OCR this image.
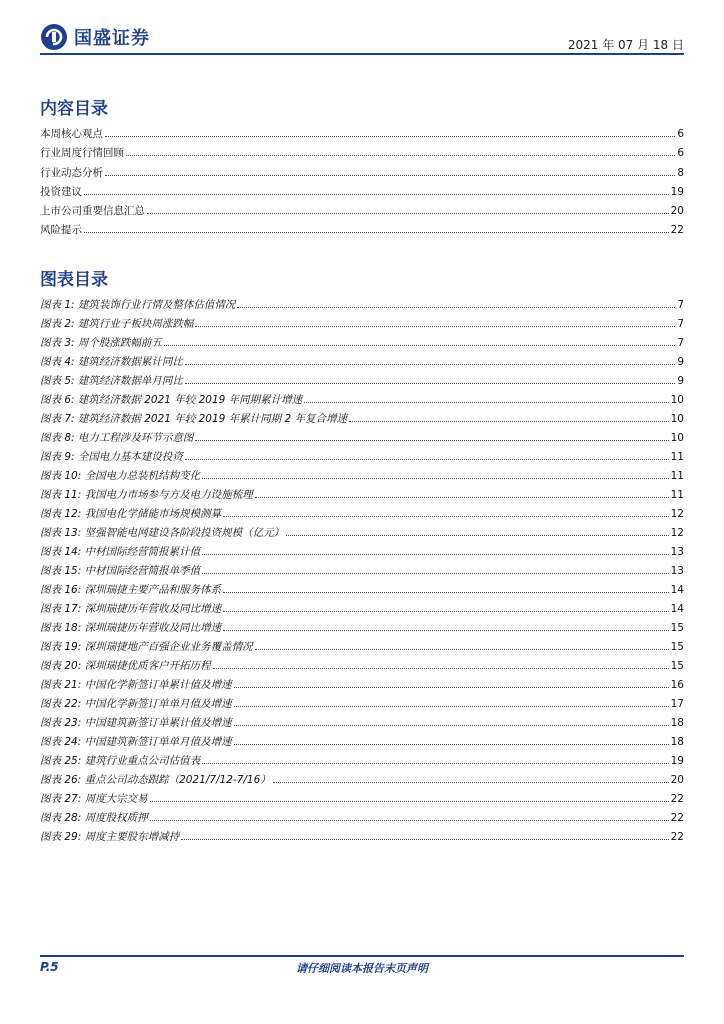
国盛证券	2021 年 07 月 18 日
内容目录
本周核心观点	6
行业周度行情回顾	6
行业动态分析	8
投资建议	19
上市公司重要信息汇总	20
风险提示	22
图表目录
图表 1: 建筑装饰行业行情及整体估值情况	7
图表 2: 建筑行业子板块周涨跌幅	7
图表 3: 周个股涨跌幅前五	7
图表 4: 建筑经济数据累计同比	9
图表 5: 建筑经济数据单月同比	9
图表 6: 建筑经济数据 2021 年较 2019 年同期累计增速	10
图表 7: 建筑经济数据 2021 年较 2019 年累计同期 2 年复合增速	10
图表 8: 电力工程涉及环节示意图	10
图表 9: 全国电力基本建设投资	11
图表 10: 全国电力总装机结构变化	11
图表 11: 我国电力市场参与方及电力设施梳理	11
图表 12: 我国电化学储能市场规模测算	12
图表 13: 坚强智能电网建设各阶段投资规模（亿元）	12
图表 14: 中材国际经营简报累计值	13
图表 15: 中材国际经营简报单季值	13
图表 16: 深圳瑞捷主要产品和服务体系	14
图表 17: 深圳瑞捷历年营收及同比增速	14
图表 18: 深圳瑞捷历年营收及同比增速	15
图表 19: 深圳瑞捷地产百强企业业务覆盖情况	15
图表 20: 深圳瑞捷优质客户开拓历程	15
图表 21: 中国化学新签订单累计值及增速	16
图表 22: 中国化学新签订单单月值及增速	17
图表 23: 中国建筑新签订单累计值及增速	18
图表 24: 中国建筑新签订单单月值及增速	18
图表 25: 建筑行业重点公司估值表	19
图表 26: 重点公司动态跟踪（2021/7/12-7/16）	20
图表 27: 周度大宗交易	22
图表 28: 周度股权质押	22
图表 29: 周度主要股东增减持	22
P.5	请仔细阅读本报告末页声明
